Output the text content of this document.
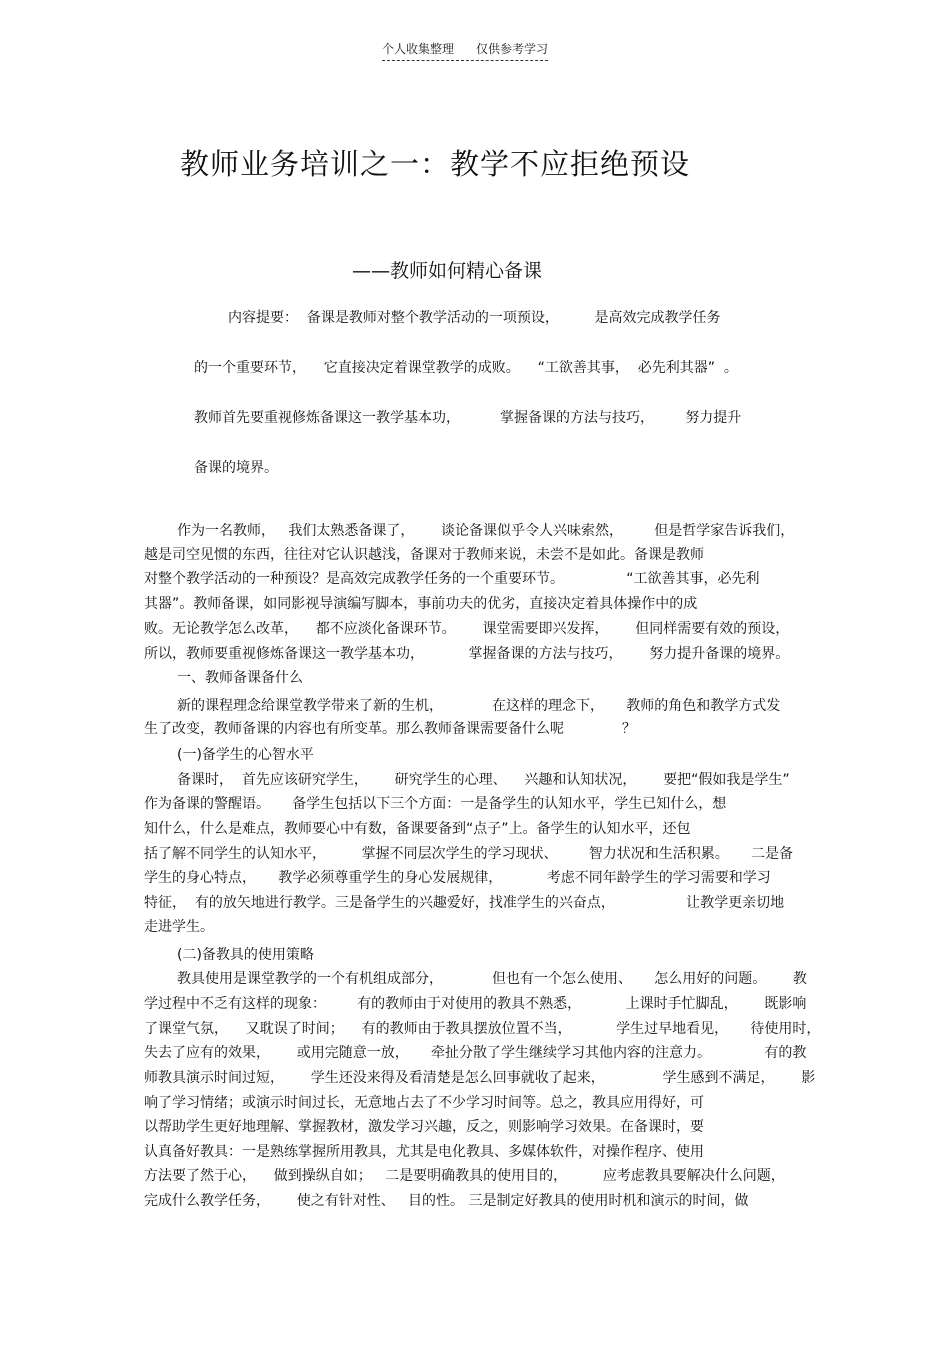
个人收集整理 仅供参考学习
教师业务培训之一：教学不应拒绝预设
——教师如何精心备课
内容提要：  备课是教师对整个教学活动的一项预设，        是高效完成教学任务
的一个重要环节，    它直接决定着课堂教学的成败。    “工欲善其事，  必先利其器”  。
教师首先要重视修炼备课这一教学基本功，         掌握备课的方法与技巧，       努力提升
备课的境界。
作为一名教师，   我们太熟悉备课了，      谈论备课似乎令人兴味索然，       但是哲学家告诉我们，
越是司空见惯的东西，往往对它认识越浅，备课对于教师来说，未尝不是如此。备课是教师
对整个教学活动的一种预设？是高效完成教学任务的一个重要环节。              “工欲善其事，必先利
其器”。教师备课，如同影视导演编写脚本，事前功夫的优劣，直接决定着具体操作中的成
败。无论教学怎么改革，    都不应淡化备课环节。      课堂需要即兴发挥，      但同样需要有效的预设，
所以，教师要重视修炼备课这一教学基本功，          掌握备课的方法与技巧，      努力提升备课的境界。
一、教师备课备什么
新的课程理念给课堂教学带来了新的生机，           在这样的理念下，     教师的角色和教学方式发
生了改变，教师备课的内容也有所变革。那么教师备课需要备什么呢             ？
(一)备学生的心智水平
备课时，  首先应该研究学生，      研究学生的心理、    兴趣和认知状况，      要把“假如我是学生”
作为备课的警醒语。     备学生包括以下三个方面：一是备学生的认知水平，学生已知什么，想
知什么，什么是难点，教师要心中有数，备课要备到“点子”上。备学生的认知水平，还包
括了解不同学生的认知水平，        掌握不同层次学生的学习现状、       智力状况和生活积累。     二是备
学生的身心特点，     教学必须尊重学生的身心发展规律，          考虑不同年龄学生的学习需要和学习
特征，  有的放矢地进行教学。三是备学生的兴趣爱好，找准学生的兴奋点，                让教学更亲切地
走进学生。
(二)备教具的使用策略
教具使用是课堂教学的一个有机组成部分，           但也有一个怎么使用、     怎么用好的问题。      教
学过程中不乏有这样的现象：       有的教师由于对使用的教具不熟悉，          上课时手忙脚乱，      既影响
了课堂气氛，    又耽误了时间；    有的教师由于教具摆放位置不当，          学生过早地看见，     待使用时，
失去了应有的效果，      或用完随意一放，     牵扯分散了学生继续学习其他内容的注意力。            有的教
师教具演示时间过短，      学生还没来得及看清楚是怎么回事就收了起来，             学生感到不满足，      影
响了学习情绪；或演示时间过长，无意地占去了不少学习时间等。总之，教具应用得好，可
以帮助学生更好地理解、掌握教材，激发学习兴趣，反之，则影响学习效果。在备课时，要
认真备好教具：一是熟练掌握所用教具，尤其是电化教具、多媒体软件，对操作程序、使用
方法要了然于心，    做到操纵自如；   二是要明确教具的使用目的，        应考虑教具要解决什么问题，
完成什么教学任务，      使之有针对性、   目的性。 三是制定好教具的使用时机和演示的时间，做
